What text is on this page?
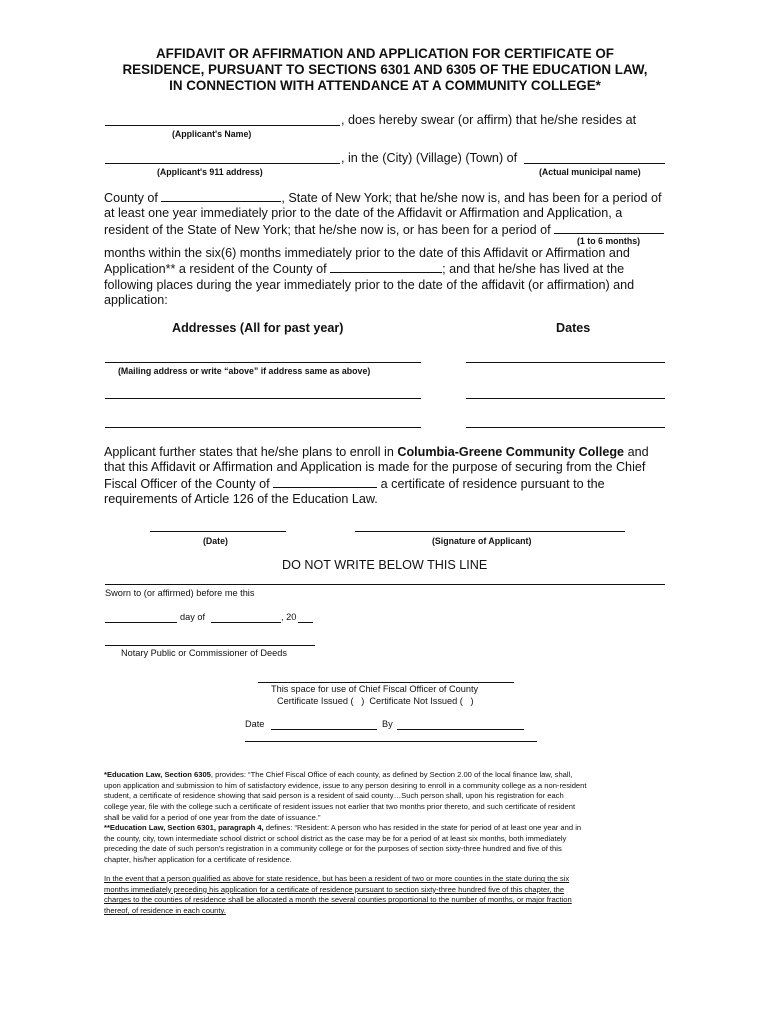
AFFIDAVIT OR AFFIRMATION AND APPLICATION FOR CERTIFICATE OF
RESIDENCE, PURSUANT TO SECTIONS 6301 AND 6305 OF THE EDUCATION LAW,
IN CONNECTION WITH ATTENDANCE AT A COMMUNITY COLLEGE*
, does hereby swear (or affirm) that he/she resides at
(Applicant's Name)
, in the (City) (Village) (Town) of
(Applicant's 911 address)	(Actual municipal name)
County of	, State of New York; that he/she now is, and has been for a period of
at least one year immediately prior to the date of the Affidavit or Affirmation and Application, a
resident of the State of New York; that he/she now is, or has been for a period of
(1 to 6 months)
months within the six(6) months immediately prior to the date of this Affidavit or Affirmation and
Application** a resident of the County of	; and that he/she has lived at the
following places during the year immediately prior to the date of the affidavit (or affirmation) and
application:
Addresses (All for past year)	Dates
(Mailing address or write “above” if address same as above)
Applicant further states that he/she plans to enroll in Columbia-Greene Community College and
that this Affidavit or Affirmation and Application is made for the purpose of securing from the Chief
Fiscal Officer of the County of	a certificate of residence pursuant to the
requirements of Article 126 of the Education Law.
(Date)	(Signature of Applicant)
DO NOT WRITE BELOW THIS LINE
Sworn to (or affirmed) before me this
day of	, 20
Notary Public or Commissioner of Deeds
This space for use of Chief Fiscal Officer of County
Certificate Issued (   )  Certificate Not Issued (   )
Date	By
*Education Law, Section 6305, provides: “The Chief Fiscal Office of each county, as defined by Section 2.00 of the local finance law, shall,
upon application and submission to him of satisfactory evidence, issue to any person desiring to enroll in a community college as a non-resident
student, a certificate of residence showing that said person is a resident of said county…Such person shall, upon his registration for each
college year, file with the college such a certificate of resident issues not earlier that two months prior thereto, and such certificate of resident
shall be valid for a period of one year from the date of issuance.”
**Education Law, Section 6301, paragraph 4, defines: “Resident: A person who has resided in the state for period of at least one year and in
the county, city, town intermediate school district or school district as the case may be for a period of at least six months, both immediately
preceding the date of such person's registration in a community college or for the purposes of section sixty-three hundred and five of this
chapter, his/her application for a certificate of residence.
In the event that a person qualified as above for state residence, but has been a resident of two or more counties in the state during the six
months immediately preceding his application for a certificate of residence pursuant to section sixty-three hundred five of this chapter, the
charges to the counties of residence shall be allocated a month the several counties proportional to the number of months, or major fraction
thereof, of residence in each county.
